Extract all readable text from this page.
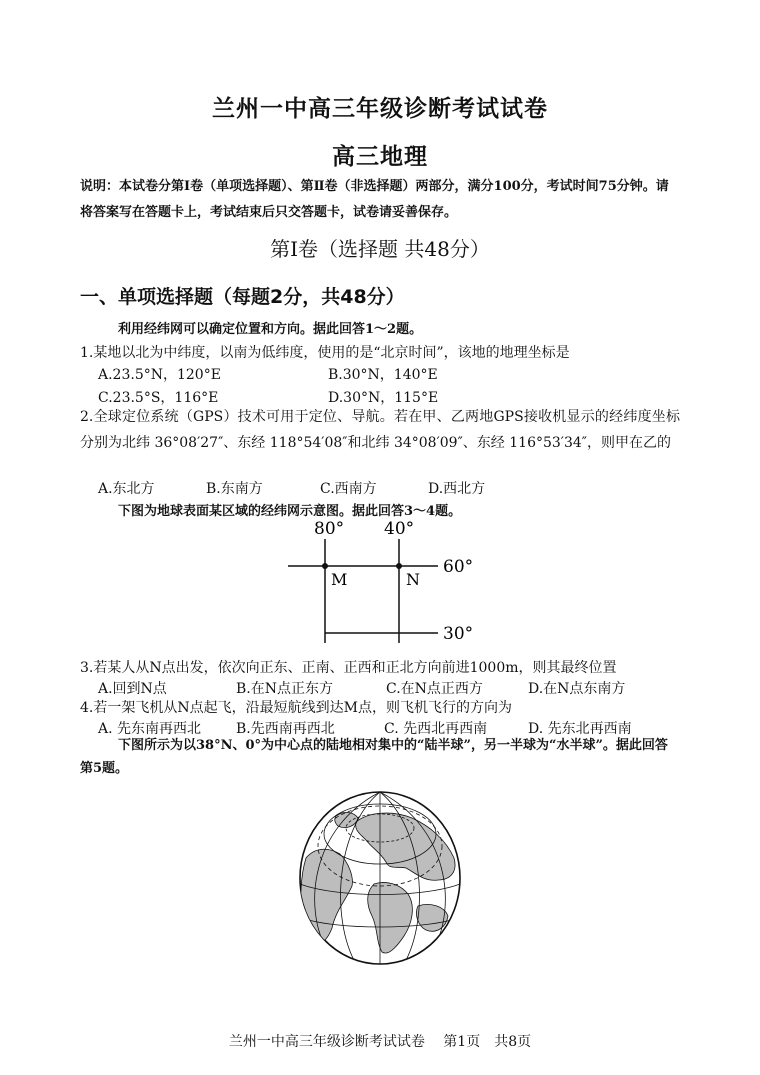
兰州一中高三年级诊断考试试卷
高三地理
说明：本试卷分第Ⅰ卷（单项选择题）、第Ⅱ卷（非选择题）两部分，满分100分，考试时间75分钟。请将答案写在答题卡上，考试结束后只交答题卡，试卷请妥善保存。
第Ⅰ卷（选择题 共48分）
一、单项选择题（每题2分，共48分）
利用经纬网可以确定位置和方向。据此回答1～2题。
1.某地以北为中纬度，以南为低纬度，使用的是“北京时间”，该地的地理坐标是
A.23.5°N，120°E	B.30°N，140°E
C.23.5°S，116°E	D.30°N，115°E
2.全球定位系统（GPS）技术可用于定位、导航。若在甲、乙两地GPS接收机显示的经纬度坐标分别为北纬 36°08′27″、东经 118°54′08″和北纬 34°08′09″、东经 116°53′34″，则甲在乙的
A.东北方	B.东南方	C.西南方	D.西北方
下图为地球表面某区域的经纬网示意图。据此回答3～4题。
80° 40°
60°
30°
M	N
3.若某人从N点出发，依次向正东、正南、正西和正北方向前进1000m，则其最终位置
A.回到N点	B.在N点正东方	C.在N点正西方	D.在N点东南方
4.若一架飞机从N点起飞，沿最短航线到达M点，则飞机飞行的方向为
A. 先东南再西北 B.先西南再西北	C. 先西北再西南	D. 先东北再西南
下图所示为以38°N、0°为中心点的陆地相对集中的“陆半球”，另一半球为“水半球”。据此回答第5题。
兰州一中高三年级诊断考试试卷　 第1页　共8页
